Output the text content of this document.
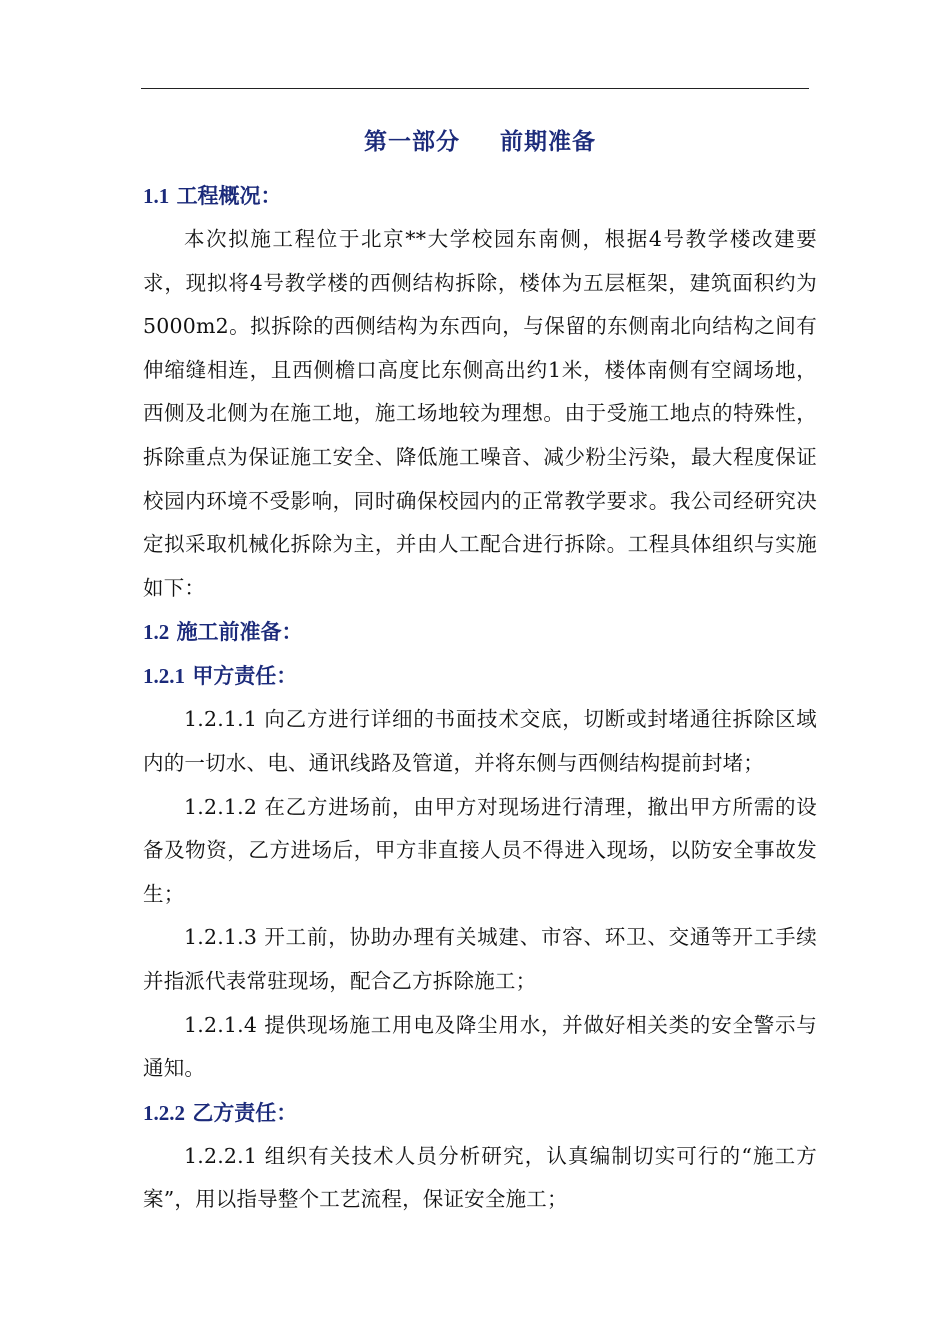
第一部分 前期准备
1.1 工程概况：

本次拟施工程位于北京**大学校园东南侧，根据4号教学楼改建要求，现拟将4号教学楼的西侧结构拆除，楼体为五层框架，建筑面积约为 5000m2。拟拆除的西侧结构为东西向，与保留的东侧南北向结构之间有伸缩缝相连，且西侧檐口高度比东侧高出约1米，楼体南侧有空阔场地，西侧及北侧为在施工地，施工场地较为理想。由于受施工地点的特殊性，拆除重点为保证施工安全、降低施工噪音、减少粉尘污染，最大程度保证校园内环境不受影响，同时确保校园内的正常教学要求。我公司经研究决定拟采取机械化拆除为主，并由人工配合进行拆除。工程具体组织与实施如下：

1.2 施工前准备：
1.2.1 甲方责任：

1.2.1.1 向乙方进行详细的书面技术交底，切断或封堵通往拆除区域内的一切水、电、通讯线路及管道，并将东侧与西侧结构提前封堵；

1.2.1.2 在乙方进场前，由甲方对现场进行清理，撤出甲方所需的设备及物资，乙方进场后，甲方非直接人员不得进入现场，以防安全事故发生；

1.2.1.3 开工前，协助办理有关城建、市容、环卫、交通等开工手续并指派代表常驻现场，配合乙方拆除施工；

1.2.1.4 提供现场施工用电及降尘用水，并做好相关类的安全警示与通知。

1.2.2 乙方责任：

1.2.2.1 组织有关技术人员分析研究，认真编制切实可行的“施工方案”，用以指导整个工艺流程，保证安全施工；
